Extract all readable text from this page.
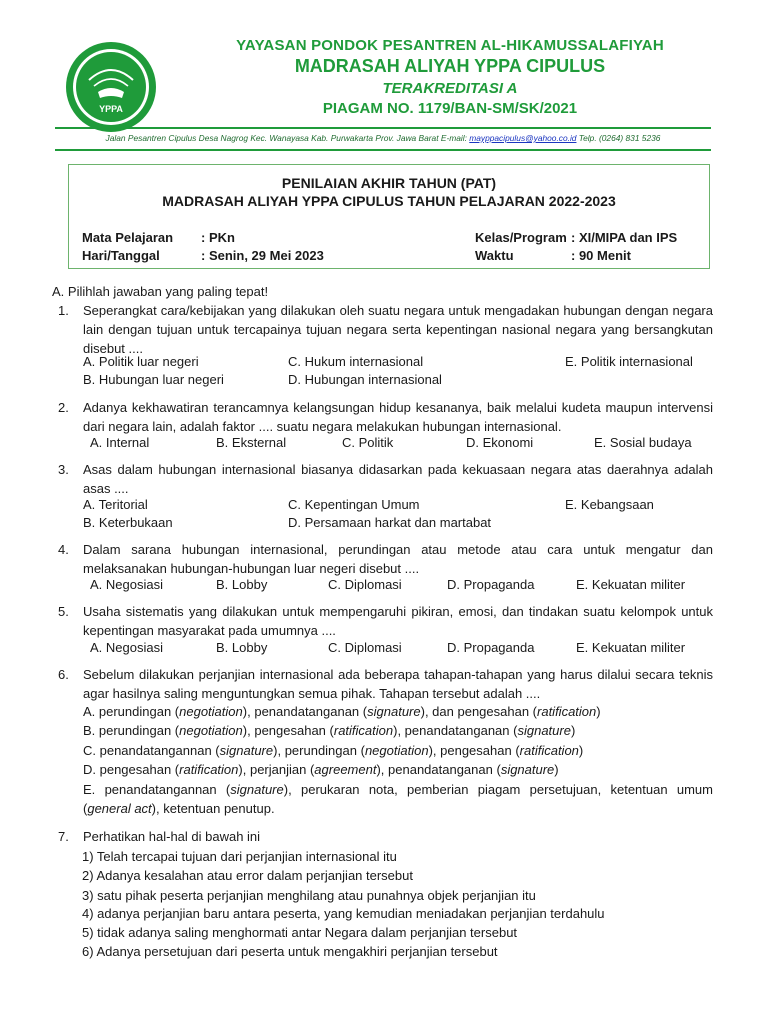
YPPA
YAYASAN PONDOK PESANTREN AL-HIKAMUSSALAFIYAH
MADRASAH ALIYAH YPPA CIPULUS
TERAKREDITASI A
PIAGAM NO. 1179/BAN-SM/SK/2021
Jalan Pesantren Cipulus Desa Nagrog Kec. Wanayasa Kab. Purwakarta Prov. Jawa Barat E-mail: mayppacipulus@yahoo.co.id Telp. (0264) 831 5236
PENILAIAN AKHIR TAHUN (PAT)
MADRASAH ALIYAH YPPA CIPULUS TAHUN PELAJARAN 2022-2023
Mata Pelajaran : PKn
Hari/Tanggal	: Senin, 29 Mei 2023
Kelas/Program : XI/MIPA dan IPS
Waktu	: 90 Menit
A. Pilihlah jawaban yang paling tepat!
1. Seperangkat cara/kebijakan yang dilakukan oleh suatu negara untuk mengadakan hubungan dengan negara lain dengan tujuan untuk tercapainya tujuan negara serta kepentingan nasional negara yang bersangkutan disebut ....
A. Politik luar negeri	C. Hukum internasional	E. Politik internasional
B. Hubungan luar negeri	D. Hubungan internasional
2. Adanya kekhawatiran terancamnya kelangsungan hidup kesananya, baik melalui kudeta maupun intervensi dari negara lain, adalah faktor .... suatu negara melakukan hubungan internasional.
A. Internal	B. Eksternal	C. Politik	D. Ekonomi	E. Sosial budaya
3. Asas dalam hubungan internasional biasanya didasarkan pada kekuasaan negara atas daerahnya adalah asas ....
A. Teritorial	C. Kepentingan Umum	E. Kebangsaan
B. Keterbukaan	D. Persamaan harkat dan martabat
4. Dalam sarana hubungan internasional, perundingan atau metode atau cara untuk mengatur dan melaksanakan hubungan-hubungan luar negeri disebut ....
A. Negosiasi	B. Lobby	C. Diplomasi	D. Propaganda	E. Kekuatan militer
5. Usaha sistematis yang dilakukan untuk mempengaruhi pikiran, emosi, dan tindakan suatu kelompok untuk kepentingan masyarakat pada umumnya ....
A. Negosiasi	B. Lobby	C. Diplomasi	D. Propaganda	E. Kekuatan militer
6. Sebelum dilakukan perjanjian internasional ada beberapa tahapan-tahapan yang harus dilalui secara teknis agar hasilnya saling menguntungkan semua pihak. Tahapan tersebut adalah ....
A. perundingan (negotiation), penandatanganan (signature), dan pengesahan (ratification)
B. perundingan (negotiation), pengesahan (ratification), penandatanganan (signature)
C. penandatangannan (signature), perundingan (negotiation), pengesahan (ratification)
D. pengesahan (ratification), perjanjian (agreement), penandatanganan (signature)
E. penandatangannan (signature), perukaran nota, pemberian piagam persetujuan, ketentuan umum (general act), ketentuan penutup.
7. Perhatikan hal-hal di bawah ini
1) Telah tercapai tujuan dari perjanjian internasional itu
2) Adanya kesalahan atau error dalam perjanjian tersebut
3) satu pihak peserta perjanjian menghilang atau punahnya objek perjanjian itu
4) adanya perjanjian baru antara peserta, yang kemudian meniadakan perjanjian terdahulu
5) tidak adanya saling menghormati antar Negara dalam perjanjian tersebut
6) Adanya persetujuan dari peserta untuk mengakhiri perjanjian tersebut
